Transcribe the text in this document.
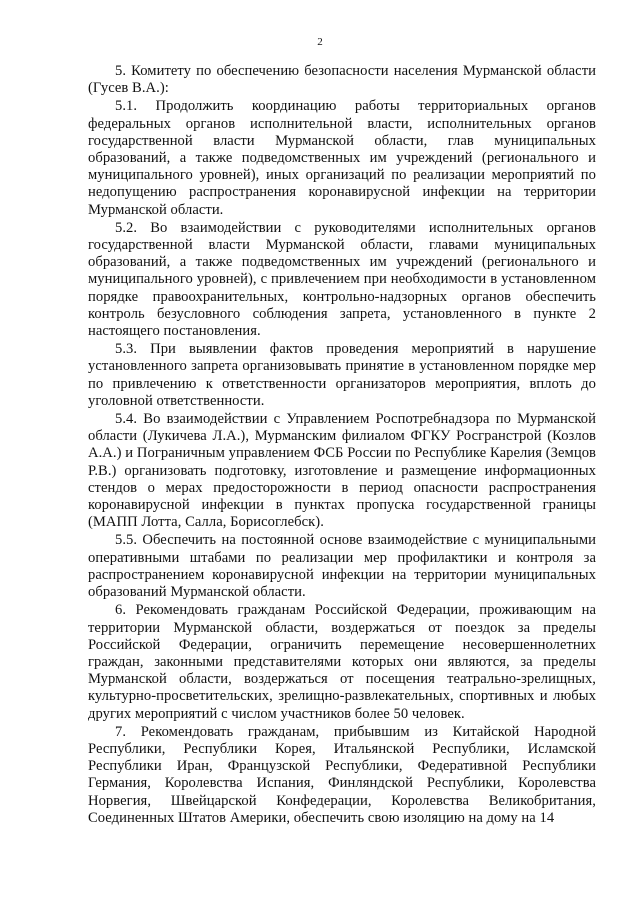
2

5. Комитету по обеспечению безопасности населения Мурманской области (Гусев В.А.):

5.1. Продолжить координацию работы территориальных органов федеральных органов исполнительной власти, исполнительных органов государственной власти Мурманской области, глав муниципальных образований, а также подведомственных им учреждений (регионального и муниципального уровней), иных организаций по реализации мероприятий по недопущению распространения коронавирусной инфекции на территории Мурманской области.

5.2. Во взаимодействии с руководителями исполнительных органов государственной власти Мурманской области, главами муниципальных образований, а также подведомственных им учреждений (регионального и муниципального уровней), с привлечением при необходимости в установленном порядке правоохранительных, контрольно-надзорных органов обеспечить контроль безусловного соблюдения запрета, установленного в пункте 2 настоящего постановления.

5.3. При выявлении фактов проведения мероприятий в нарушение установленного запрета организовывать принятие в установленном порядке мер по привлечению к ответственности организаторов мероприятия, вплоть до уголовной ответственности.

5.4. Во взаимодействии с Управлением Роспотребнадзора по Мурманской области (Лукичева Л.А.), Мурманским филиалом ФГКУ Росгранстрой (Козлов А.А.) и Пограничным управлением ФСБ России по Республике Карелия (Земцов Р.В.) организовать подготовку, изготовление и размещение информационных стендов о мерах предосторожности в период опасности распространения коронавирусной инфекции в пунктах пропуска государственной границы (МАПП Лотта, Салла, Борисоглебск).

5.5. Обеспечить на постоянной основе взаимодействие с муниципальными оперативными штабами по реализации мер профилактики и контроля за распространением коронавирусной инфекции на территории муниципальных образований Мурманской области.

6. Рекомендовать гражданам Российской Федерации, проживающим на территории Мурманской области, воздержаться от поездок за пределы Российской Федерации, ограничить перемещение несовершеннолетних граждан, законными представителями которых они являются, за пределы Мурманской области, воздержаться от посещения театрально-зрелищных, культурно-просветительских, зрелищно-развлекательных, спортивных и любых других мероприятий с числом участников более 50 человек.

7. Рекомендовать гражданам, прибывшим из Китайской Народной Республики, Республики Корея, Итальянской Республики, Исламской Республики Иран, Французской Республики, Федеративной Республики Германия, Королевства Испания, Финляндской Республики, Королевства Норвегия, Швейцарской Конфедерации, Королевства Великобритания, Соединенных Штатов Америки, обеспечить свою изоляцию на дому на 14
